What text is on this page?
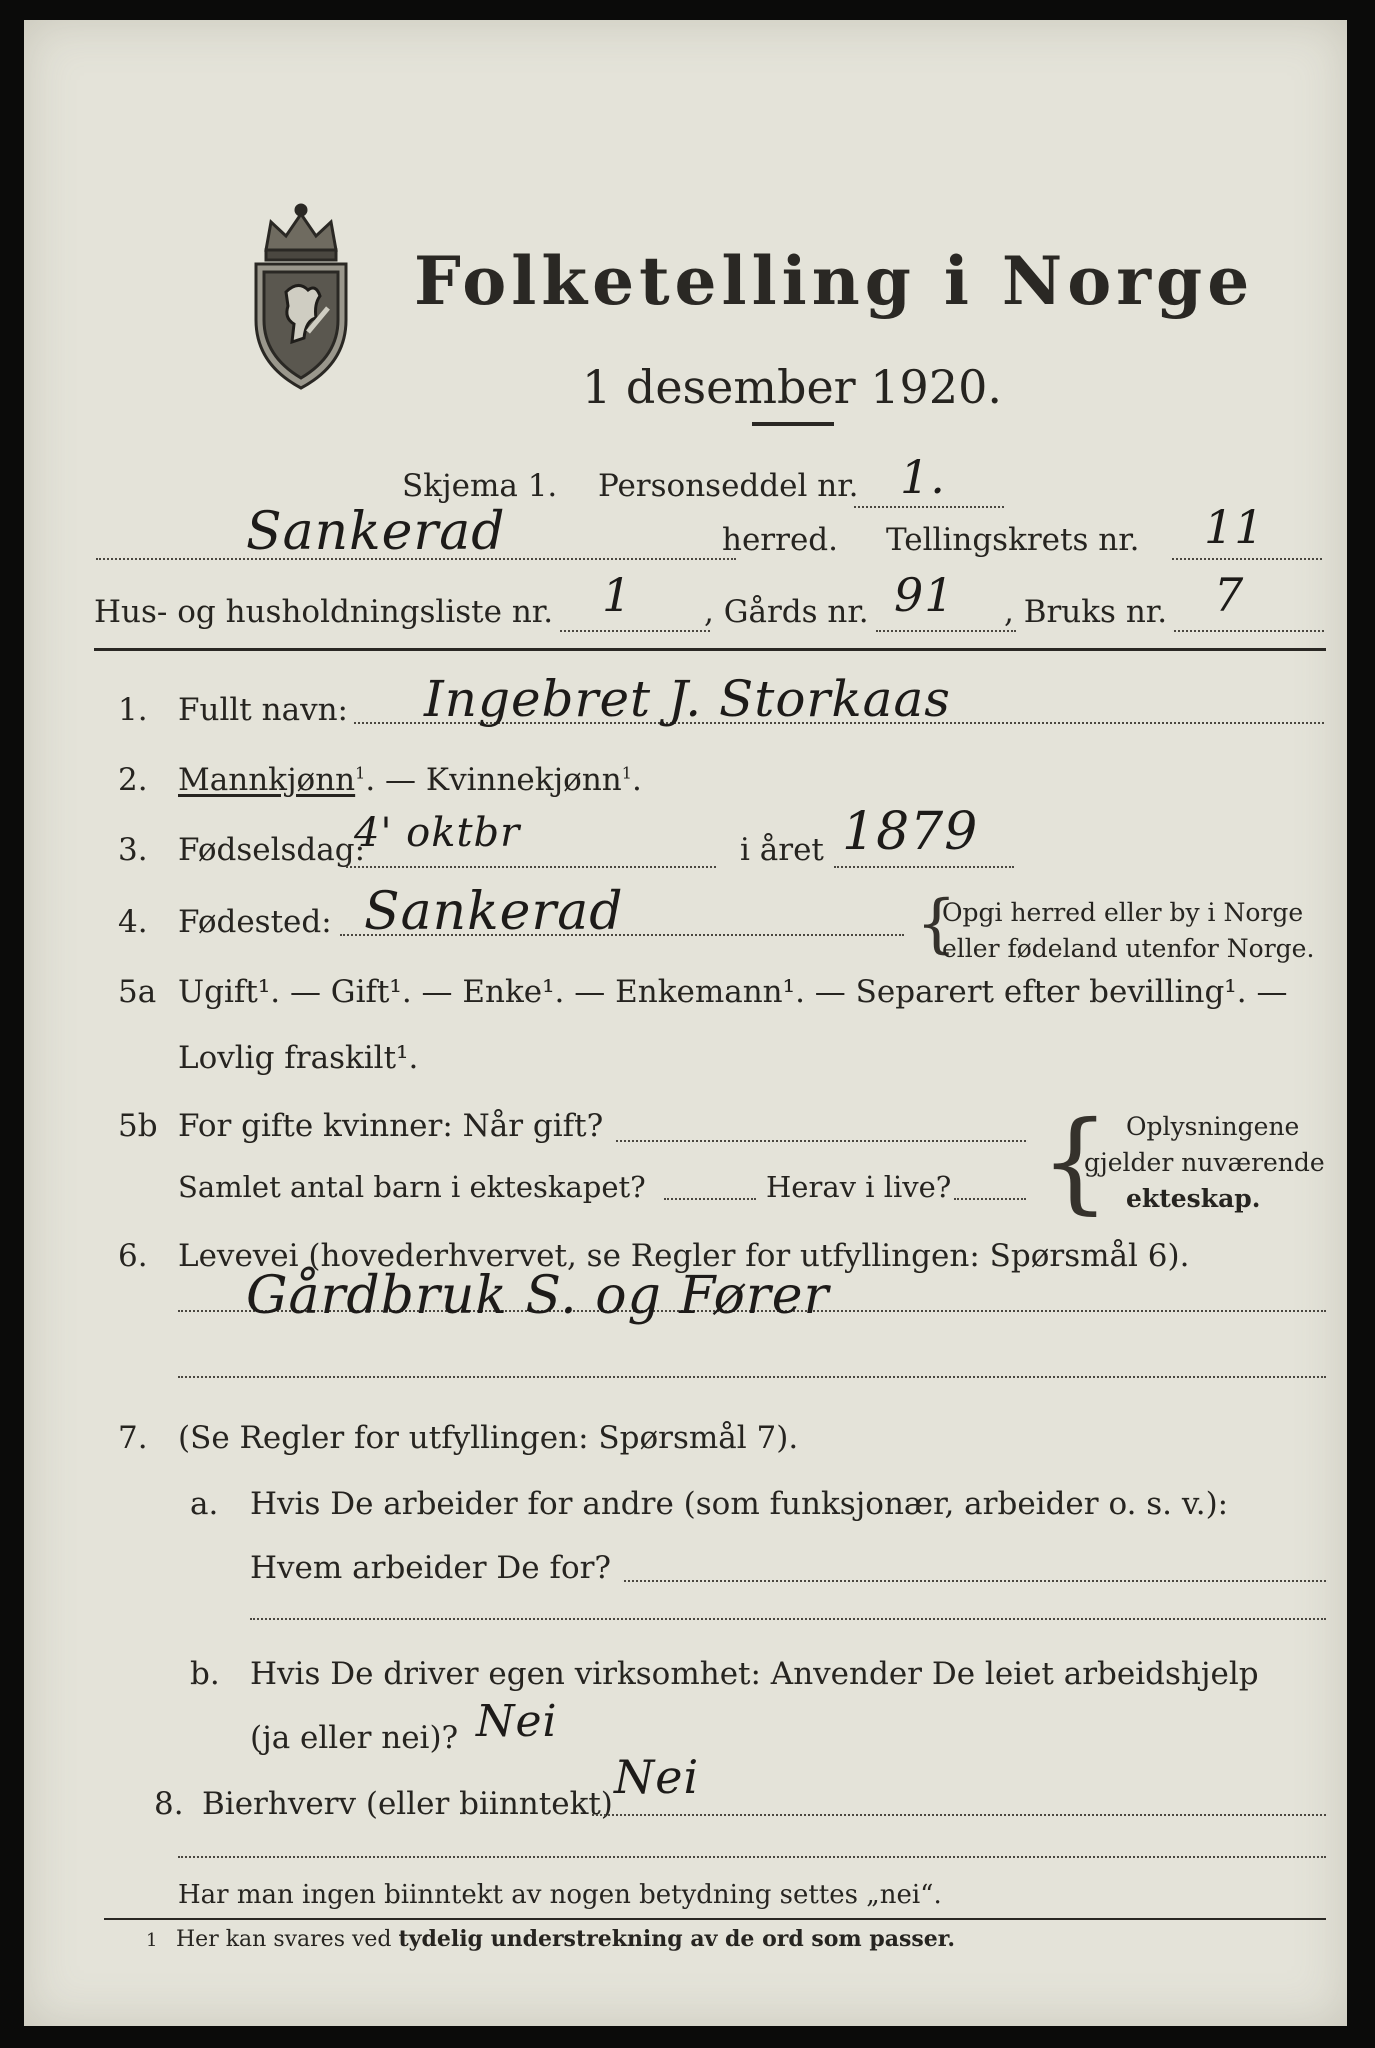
Folketelling i Norge
1 desember 1920.
Skjema 1. Personseddel nr. 1.
Sankerad	herred. Tellingskrets nr. 11
Hus- og husholdningsliste nr. 1 , Gårds nr. 91 , Bruks nr. 7
1. Fullt navn: Ingebret J. Storkaas
2. Mannkjønn$^1$. — Kvinnekjønn$^1$.
3. Fødselsdag:
4' oktbr	i året 1879
4. Fødested: Sankerad	{
Opgi herred eller by i Norge
eller fødeland utenfor Norge.
5a Ugift¹. — Gift¹. — Enke¹. — Enkemann¹. — Separert efter bevilling¹. —
Lovlig fraskilt¹.
5b For gifte kvinner: Når gift?
Samlet antal barn i ekteskapet?	Herav i live? { Oplysningene
gjelder nuværende
ekteskap.
6. Levevei (hovederhvervet, se Regler for utfyllingen: Spørsmål 6).
Gårdbruk S. og Fører
7. (Se Regler for utfyllingen: Spørsmål 7).
a. Hvis De arbeider for andre (som funksjonær, arbeider o. s. v.):
Hvem arbeider De for?
b. Hvis De driver egen virksomhet: Anvender De leiet arbeidshjelp
(ja eller nei)? Nei
8. Bierhverv (eller biinntekt) Nei
Har man ingen biinntekt av nogen betydning settes „nei“.
1 Her kan svares ved tydelig understrekning av de ord som passer.
